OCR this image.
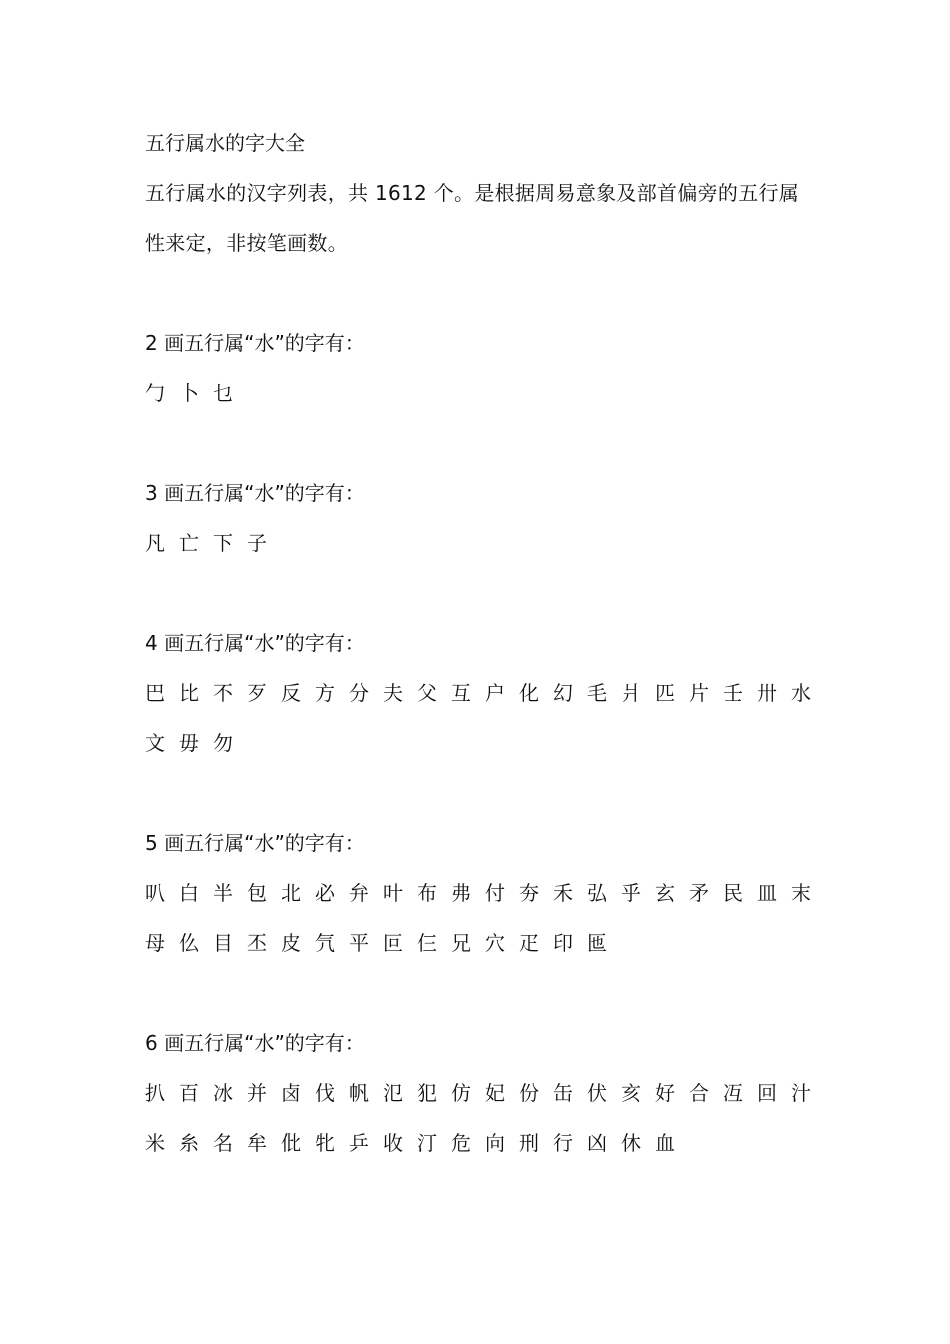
五行属水的字大全
五行属水的汉字列表，共 1612 个。是根据周易意象及部首偏旁的五行属性来定，非按笔画数。
2 画五行属“水”的字有：
勹 卜 乜
3 画五行属“水”的字有：
凡 亡 下 子
4 画五行属“水”的字有：
巴 比 不 歹 反 方 分 夫 父 互 户 化 幻 毛 爿 匹 片 壬 卅 水
文 毋 勿
5 画五行属“水”的字有：
叭 白 半 包 北 必 弁 叶 布 弗 付 夯 禾 弘 乎 玄 矛 民 皿 末
母 仫 目 丕 皮 氕 平 叵 仨 兄 穴 疋 印 匜
6 画五行属“水”的字有：
扒 百 冰 并 卤 伐 帆 氾 犯 仿 妃 份 缶 伏 亥 好 合 冱 回 汁
米 糸 名 牟 仳 牝 乒 收 汀 危 向 刑 行 凶 休 血
